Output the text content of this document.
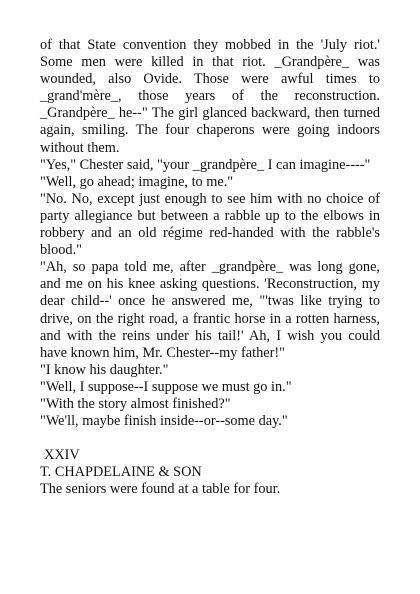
of that State convention they mobbed in the 'July riot.' Some men were killed in that riot. _Grandpère_ was wounded, also Ovide. Those were awful times to _grand'mère_, those years of the reconstruction. _Grandpère_ he--" The girl glanced backward, then turned again, smiling. The four chaperons were going indoors without them.

"Yes," Chester said, "your _grandpère_ I can imagine----"

"Well, go ahead; imagine, to me."

"No. No, except just enough to see him with no choice of party allegiance but between a rabble up to the elbows in robbery and an old régime red-handed with the rabble's blood."

"Ah, so papa told me, after _grandpère_ was long gone, and me on his knee asking questions. 'Reconstruction, my dear child--' once he answered me, "'twas like trying to drive, on the right road, a frantic horse in a rotten harness, and with the reins under his tail!' Ah, I wish you could have known him, Mr. Chester--my father!"

"I know his daughter."

"Well, I suppose--I suppose we must go in."

"With the story almost finished?"

"We'll, maybe finish inside--or--some day."

XXIV

T. CHAPDELAINE & SON

The seniors were found at a table for four.
